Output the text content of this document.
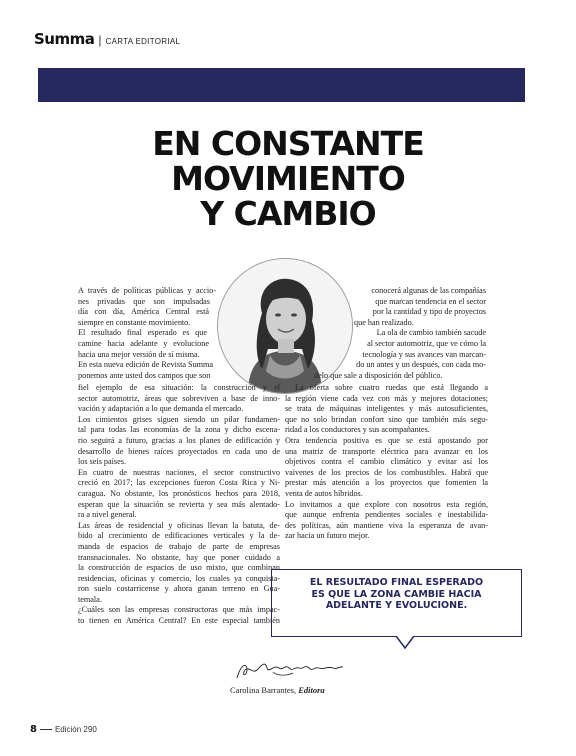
Summa | CARTA EDITORIAL
EN CONSTANTE
MOVIMIENTO
Y CAMBIO
A través de políticas públicas y accio-
nes privadas que son impulsadas
día con día, América Central está
siempre en constante movimiento.
El resultado final esperado es que
camine hacia adelante y evolucione
hacia una mejor versión de sí misma.
En esta nueva edición de Revista Summa
ponemos ante usted dos campos que son
conocerá algunas de las compañías
que marcan tendencia en el sector
por la cantidad y tipo de proyectos
que han realizado.
La ola de cambio también sacude
al sector automotriz, que ve cómo la
tecnología y sus avances van marcan-
do un antes y un después, con cada mo-
delo que sale a disposición del público.
fiel ejemplo de esa situación: la construcción y el
sector automotriz, áreas que sobreviven a base de inno-
vación y adaptación a lo que demanda el mercado.
Los cimientos grises siguen siendo un pilar fundamen-
tal para todas las economías de la zona y dicho escena-
rio seguirá a futuro, gracias a los planes de edificación y
desarrollo de bienes raíces proyectados en cada uno de
los seis países.
En cuatro de nuestras naciones, el sector constructivo
creció en 2017; las excepciones fueron Costa Rica y Ni-
caragua. No obstante, los pronósticos hechos para 2018,
esperan que la situación se revierta y sea más alentado-
ra a nivel general.
Las áreas de residencial y oficinas llevan la batuta, de-
bido al crecimiento de edificaciones verticales y la de-
manda de espacios de trabajo de parte de empresas
transnacionales. No obstante, hay que poner cuidado a
la construcción de espacios de uso mixto, que combinan
residencias, oficinas y comercio, los cuales ya conquista-
ron suelo costarricense y ahora ganan terreno en Gua-
temala.
¿Cuáles son las empresas constructoras que más impac-
to tienen en América Central? En este especial también
La oferta sobre cuatro ruedas que está llegando a
la región viene cada vez con más y mejores dotaciones;
se trata de máquinas inteligentes y más autosuficientes,
que no solo brindan confort sino que también más segu-
ridad a los conductores y sus acompañantes.
Otra tendencia positiva es que se está apostando por
una matriz de transporte eléctrica para avanzar en los
objetivos contra el cambio climático y evitar así los
vaivenes de los precios de los combustibles. Habrá que
prestar más atención a los proyectos que fomenten la
venta de autos híbridos.
Lo invitamos a que explore con nosotros esta región,
que aunque enfrenta pendientes sociales e inestabilida-
des políticas, aún mantiene viva la esperanza de avan-
zar hacia un futuro mejor.
EL RESULTADO FINAL ESPERADO
ES QUE LA ZONA CAMBIE HACIA
ADELANTE Y EVOLUCIONE.
Carolina Barrantes, Editora
8 Edición 290
